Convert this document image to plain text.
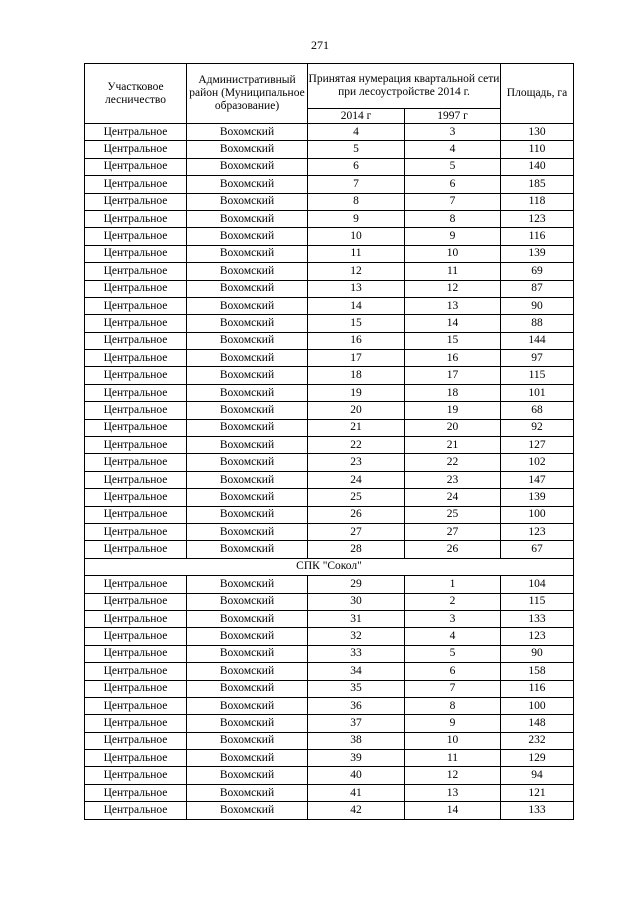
271
Участковое лесничество	Административный район (Муниципальное образование)	Принятая нумерация квартальной сети при лесоустройстве 2014 г.		Площадь, га
		2014 г	1997 г	
Центральное	Вохомский	4	3	130
Центральное	Вохомский	5	4	110
Центральное	Вохомский	6	5	140
Центральное	Вохомский	7	6	185
Центральное	Вохомский	8	7	118
Центральное	Вохомский	9	8	123
Центральное	Вохомский	10	9	116
Центральное	Вохомский	11	10	139
Центральное	Вохомский	12	11	69
Центральное	Вохомский	13	12	87
Центральное	Вохомский	14	13	90
Центральное	Вохомский	15	14	88
Центральное	Вохомский	16	15	144
Центральное	Вохомский	17	16	97
Центральное	Вохомский	18	17	115
Центральное	Вохомский	19	18	101
Центральное	Вохомский	20	19	68
Центральное	Вохомский	21	20	92
Центральное	Вохомский	22	21	127
Центральное	Вохомский	23	22	102
Центральное	Вохомский	24	23	147
Центральное	Вохомский	25	24	139
Центральное	Вохомский	26	25	100
Центральное	Вохомский	27	27	123
Центральное	Вохомский	28	26	67
СПК "Сокол"				
Центральное	Вохомский	29	1	104
Центральное	Вохомский	30	2	115
Центральное	Вохомский	31	3	133
Центральное	Вохомский	32	4	123
Центральное	Вохомский	33	5	90
Центральное	Вохомский	34	6	158
Центральное	Вохомский	35	7	116
Центральное	Вохомский	36	8	100
Центральное	Вохомский	37	9	148
Центральное	Вохомский	38	10	232
Центральное	Вохомский	39	11	129
Центральное	Вохомский	40	12	94
Центральное	Вохомский	41	13	121
Центральное	Вохомский	42	14	133
